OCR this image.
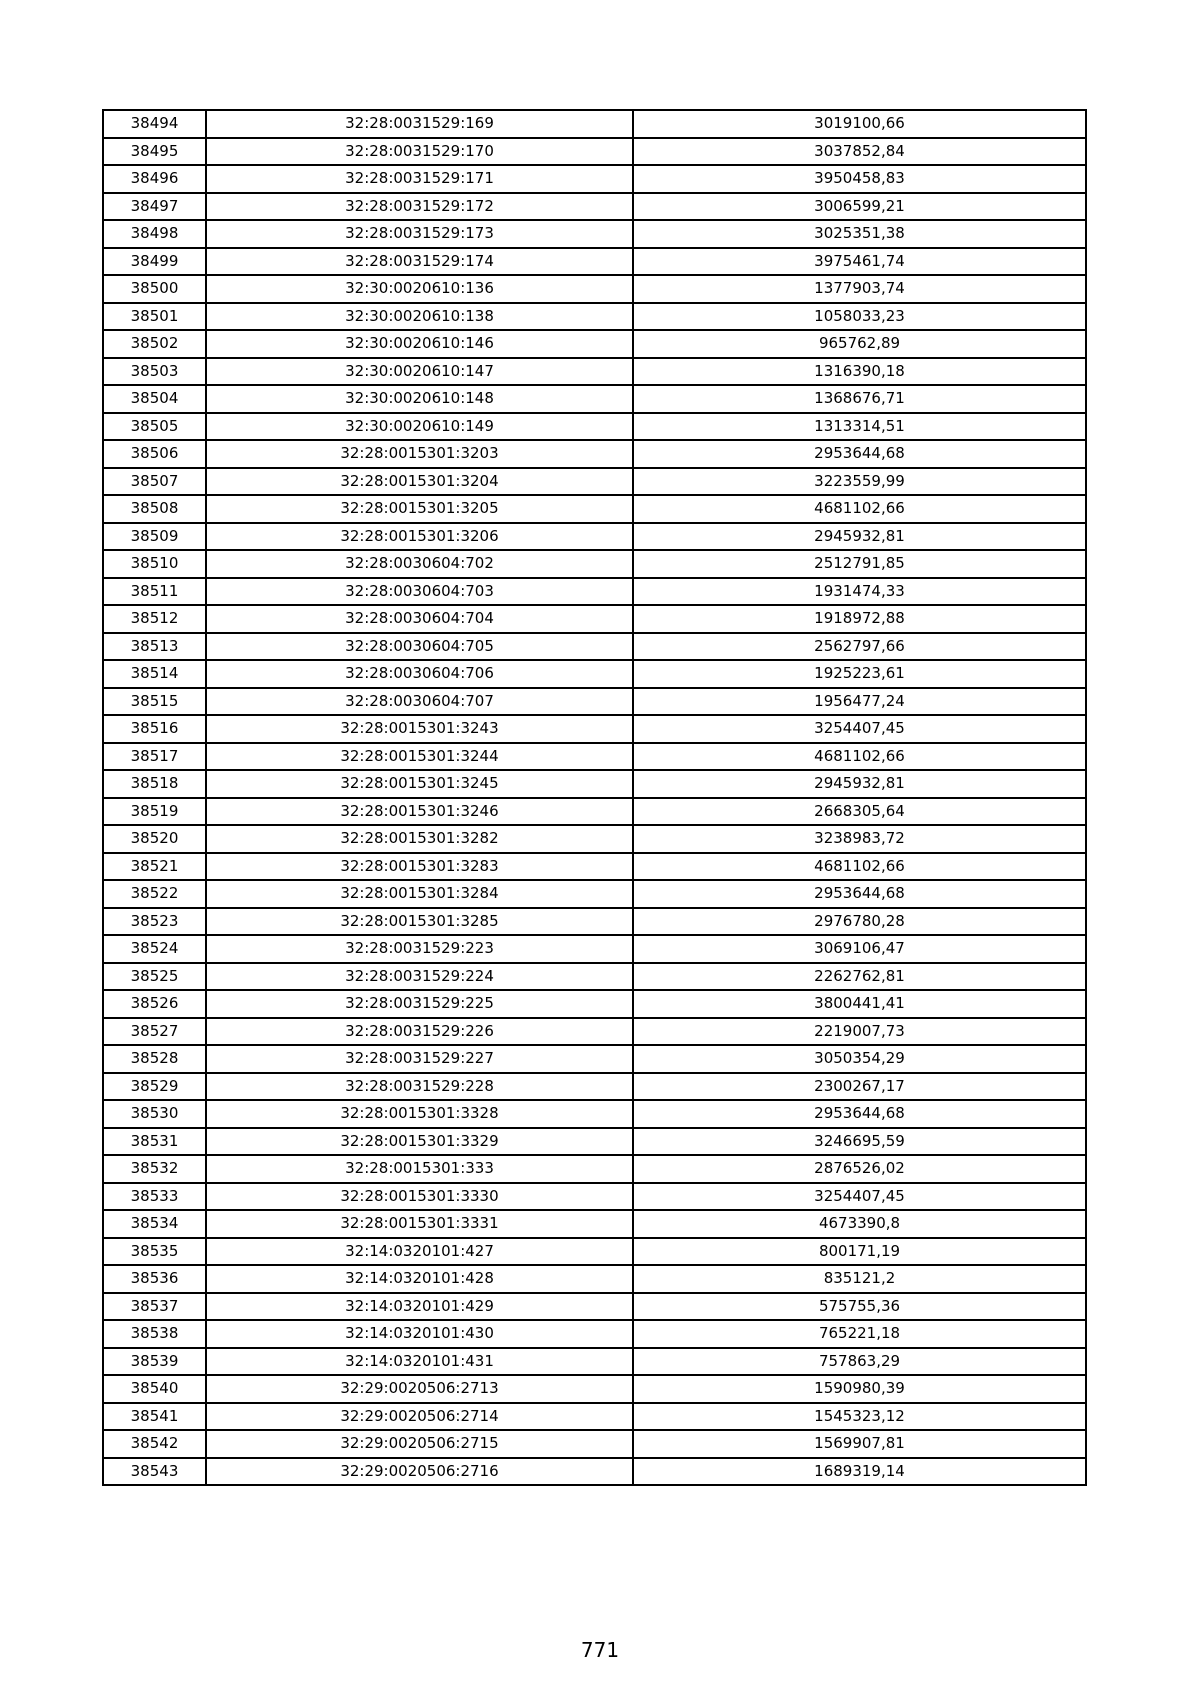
38494	32:28:0031529:169	3019100,66
38495	32:28:0031529:170	3037852,84
38496	32:28:0031529:171	3950458,83
38497	32:28:0031529:172	3006599,21
38498	32:28:0031529:173	3025351,38
38499	32:28:0031529:174	3975461,74
38500	32:30:0020610:136	1377903,74
38501	32:30:0020610:138	1058033,23
38502	32:30:0020610:146	965762,89
38503	32:30:0020610:147	1316390,18
38504	32:30:0020610:148	1368676,71
38505	32:30:0020610:149	1313314,51
38506	32:28:0015301:3203	2953644,68
38507	32:28:0015301:3204	3223559,99
38508	32:28:0015301:3205	4681102,66
38509	32:28:0015301:3206	2945932,81
38510	32:28:0030604:702	2512791,85
38511	32:28:0030604:703	1931474,33
38512	32:28:0030604:704	1918972,88
38513	32:28:0030604:705	2562797,66
38514	32:28:0030604:706	1925223,61
38515	32:28:0030604:707	1956477,24
38516	32:28:0015301:3243	3254407,45
38517	32:28:0015301:3244	4681102,66
38518	32:28:0015301:3245	2945932,81
38519	32:28:0015301:3246	2668305,64
38520	32:28:0015301:3282	3238983,72
38521	32:28:0015301:3283	4681102,66
38522	32:28:0015301:3284	2953644,68
38523	32:28:0015301:3285	2976780,28
38524	32:28:0031529:223	3069106,47
38525	32:28:0031529:224	2262762,81
38526	32:28:0031529:225	3800441,41
38527	32:28:0031529:226	2219007,73
38528	32:28:0031529:227	3050354,29
38529	32:28:0031529:228	2300267,17
38530	32:28:0015301:3328	2953644,68
38531	32:28:0015301:3329	3246695,59
38532	32:28:0015301:333	2876526,02
38533	32:28:0015301:3330	3254407,45
38534	32:28:0015301:3331	4673390,8
38535	32:14:0320101:427	800171,19
38536	32:14:0320101:428	835121,2
38537	32:14:0320101:429	575755,36
38538	32:14:0320101:430	765221,18
38539	32:14:0320101:431	757863,29
38540	32:29:0020506:2713	1590980,39
38541	32:29:0020506:2714	1545323,12
38542	32:29:0020506:2715	1569907,81
38543	32:29:0020506:2716	1689319,14
771
